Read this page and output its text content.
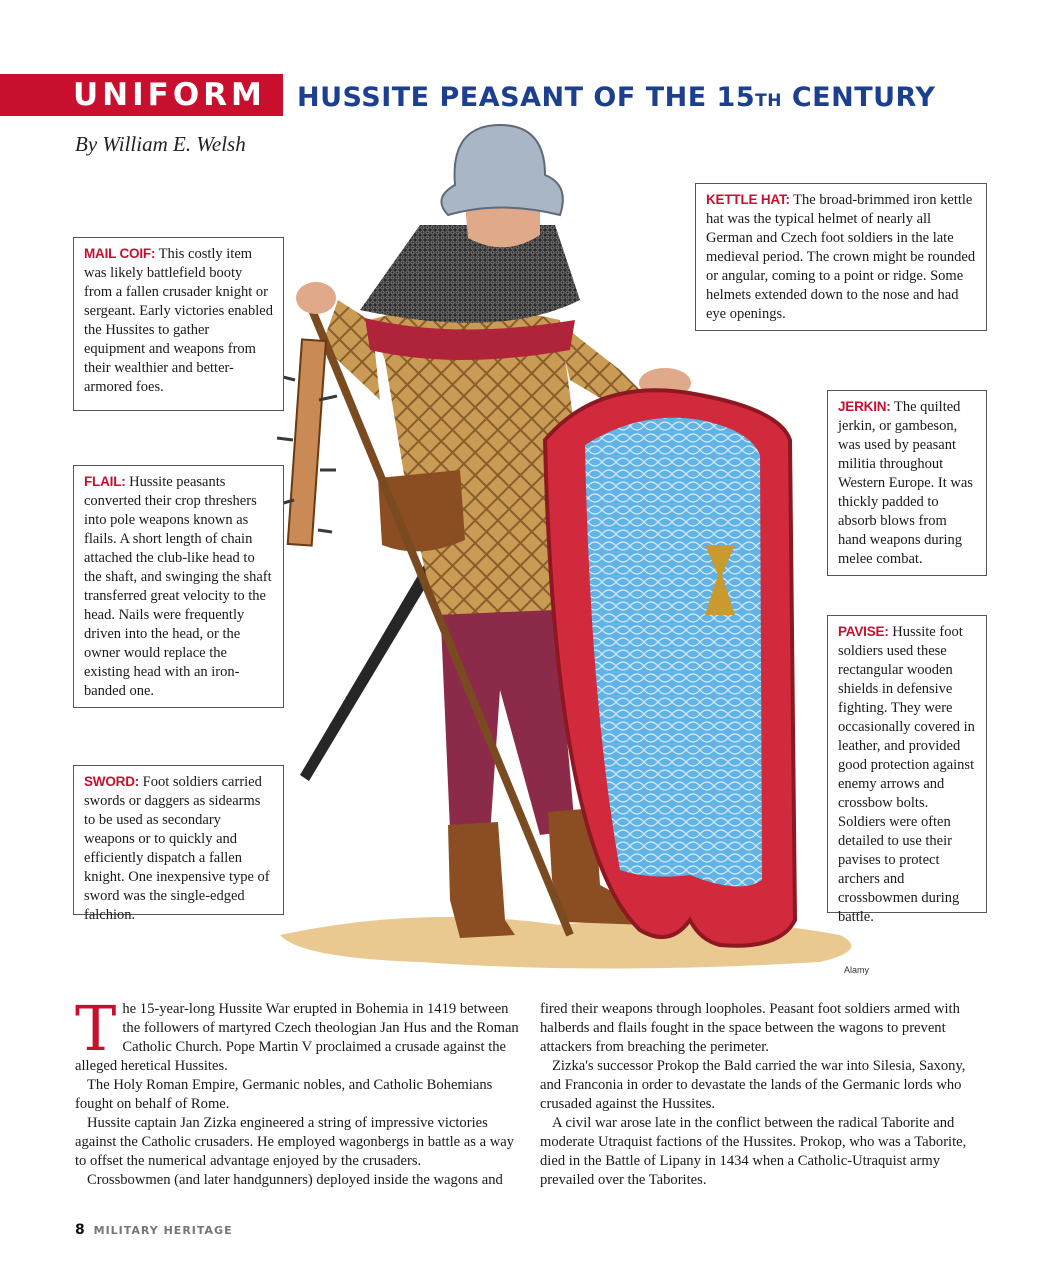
UNIFORM HUSSITE PEASANT OF THE 15TH CENTURY
By William E. Welsh
MAIL COIF: This costly item was likely battlefield booty from a fallen crusader knight or sergeant. Early victories enabled the Hussites to gather equipment and weapons from their wealthier and better-armored foes.
FLAIL: Hussite peasants converted their crop threshers into pole weapons known as flails. A short length of chain attached the club-like head to the shaft, and swinging the shaft transferred great velocity to the head. Nails were frequently driven into the head, or the owner would replace the existing head with an iron-banded one.
SWORD: Foot soldiers carried swords or daggers as sidearms to be used as secondary weapons or to quickly and efficiently dispatch a fallen knight. One inexpensive type of sword was the single-edged falchion.
KETTLE HAT: The broad-brimmed iron kettle hat was the typical helmet of nearly all German and Czech foot soldiers in the late medieval period. The crown might be rounded or angular, coming to a point or ridge. Some helmets extended down to the nose and had eye openings.
JERKIN: The quilted jerkin, or gambeson, was used by peasant militia throughout Western Europe. It was thickly padded to absorb blows from hand weapons during melee combat.
PAVISE: Hussite foot soldiers used these rectangular wooden shields in defensive fighting. They were occasionally covered in leather, and provided good protection against enemy arrows and crossbow bolts. Soldiers were often detailed to use their pavises to protect archers and crossbowmen during battle.
Alamy

The 15-year-long Hussite War erupted in Bohemia in 1419 between the followers of martyred Czech theologian Jan Hus and the Roman Catholic Church. Pope Martin V proclaimed a crusade against the alleged heretical Hussites.

The Holy Roman Empire, Germanic nobles, and Catholic Bohemians fought on behalf of Rome.

Hussite captain Jan Zizka engineered a string of impressive victories against the Catholic crusaders. He employed wagonbergs in battle as a way to offset the numerical advantage enjoyed by the crusaders.

Crossbowmen (and later handgunners) deployed inside the wagons and

fired their weapons through loopholes. Peasant foot soldiers armed with halberds and flails fought in the space between the wagons to prevent attackers from breaching the perimeter.

Zizka's successor Prokop the Bald carried the war into Silesia, Saxony, and Franconia in order to devastate the lands of the Germanic lords who crusaded against the Hussites.

A civil war arose late in the conflict between the radical Taborite and moderate Utraquist factions of the Hussites. Prokop, who was a Taborite, died in the Battle of Lipany in 1434 when a Catholic-Utraquist army prevailed over the Taborites.

8 MILITARY HERITAGE
